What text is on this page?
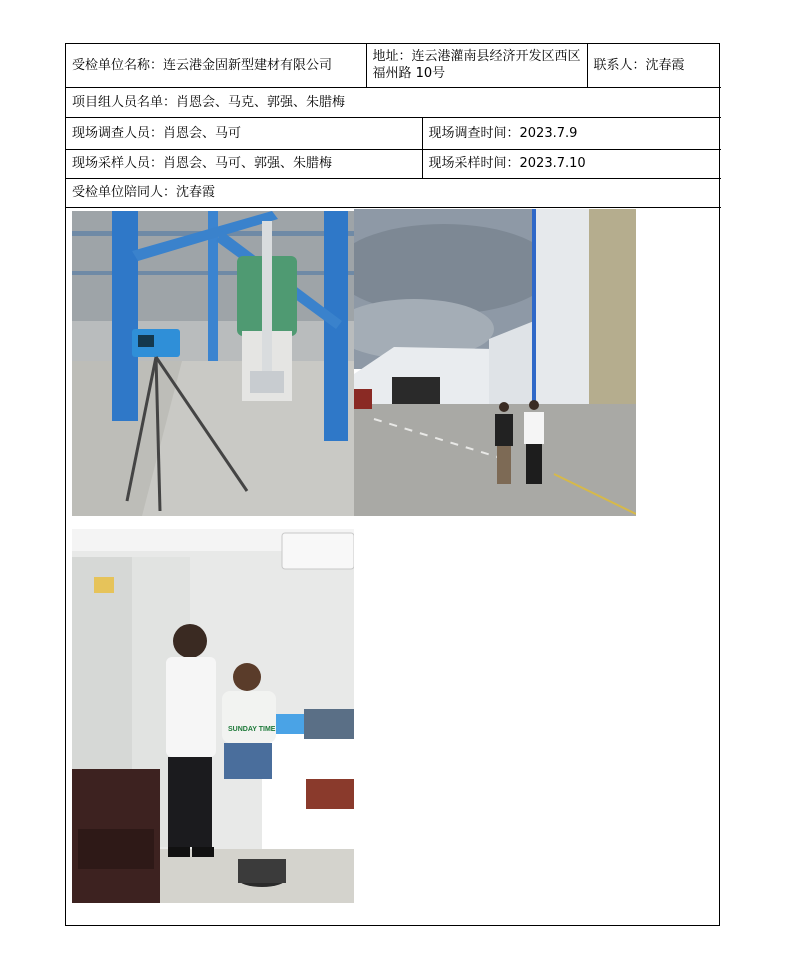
受检单位名称：连云港金固新型建材有限公司	地址：连云港灌南县经济开发区西区福州路 10号		联系人：沈春霞
项目组人员名单：肖恩会、马克、郭强、朱腊梅			
现场调查人员：肖恩会、马可		现场调查时间：2023.7.9	
现场采样人员：肖恩会、马可、郭强、朱腊梅		现场采样时间：2023.7.10	
受检单位陪同人：沈春霞			
SUNDAY TIME
